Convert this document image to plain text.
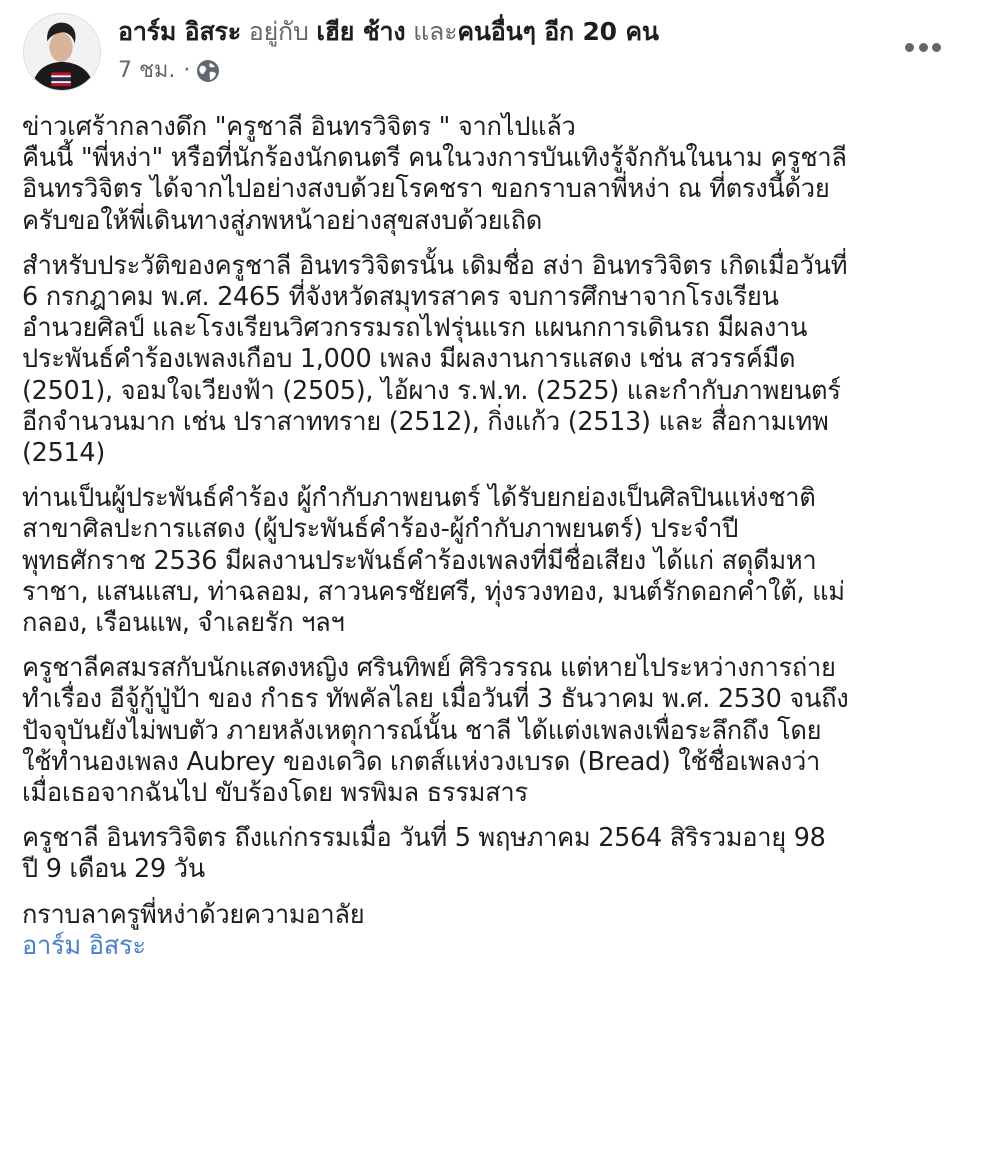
อาร์ม อิสระ อยู่กับ เฮีย ช้าง และคนอื่นๆ อีก 20 คน
7 ชม. ·
ข่าวเศร้ากลางดึก "ครูชาลี อินทรวิจิตร " จากไปแล้ว
คืนนี้ "พี่หง่า" หรือที่นักร้องนักดนตรี คนในวงการบันเทิงรู้จักกันในนาม ครูชาลี
อินทรวิจิตร ได้จากไปอย่างสงบด้วยโรคชรา ขอกราบลาพี่หง่า ณ ที่ตรงนี้ด้วย
ครับขอให้พี่เดินทางสู่ภพหน้าอย่างสุขสงบด้วยเถิด
สำหรับประวัติของครูชาลี อินทรวิจิตรนั้น เดิมชื่อ สง่า อินทรวิจิตร เกิดเมื่อวันที่
6 กรกฎาคม พ.ศ. 2465 ที่จังหวัดสมุทรสาคร จบการศึกษาจากโรงเรียน
อำนวยศิลป์ และโรงเรียนวิศวกรรมรถไฟรุ่นแรก แผนกการเดินรถ มีผลงาน
ประพันธ์คำร้องเพลงเกือบ 1,000 เพลง มีผลงานการแสดง เช่น สวรรค์มืด
(2501), จอมใจเวียงฟ้า (2505), ไอ้ผาง ร.ฟ.ท. (2525) และกำกับภาพยนตร์
อีกจำนวนมาก เช่น ปราสาททราย (2512), กิ่งแก้ว (2513) และ สื่อกามเทพ
(2514)
ท่านเป็นผู้ประพันธ์คำร้อง ผู้กำกับภาพยนตร์ ได้รับยกย่องเป็นศิลปินแห่งชาติ
สาขาศิลปะการแสดง (ผู้ประพันธ์คำร้อง-ผู้กำกับภาพยนตร์) ประจำปี
พุทธศักราช 2536 มีผลงานประพันธ์คำร้องเพลงที่มีชื่อเสียง ได้แก่ สดุดีมหา
ราชา, แสนแสบ, ท่าฉลอม, สาวนครชัยศรี, ทุ่งรวงทอง, มนต์รักดอกคำใต้, แม่
กลอง, เรือนแพ, จำเลยรัก ฯลฯ
ครูชาลีคสมรสกับนักแสดงหญิง ศรินทิพย์ ศิริวรรณ แต่หายไประหว่างการถ่าย
ทำเรื่อง อีจู้กู้ปู่ป้า ของ กำธร ทัพคัลไลย เมื่อวันที่ 3 ธันวาคม พ.ศ. 2530 จนถึง
ปัจจุบันยังไม่พบตัว ภายหลังเหตุการณ์นั้น ชาลี ได้แต่งเพลงเพื่อระลึกถึง โดย
ใช้ทำนองเพลง Aubrey ของเดวิด เกตส์แห่งวงเบรด (Bread) ใช้ชื่อเพลงว่า
เมื่อเธอจากฉันไป ขับร้องโดย พรพิมล ธรรมสาร
ครูชาลี อินทรวิจิตร ถึงแก่กรรมเมื่อ วันที่ 5 พฤษภาคม 2564 สิริรวมอายุ 98
ปี 9 เดือน 29 วัน
กราบลาครูพี่หง่าด้วยความอาลัย
อาร์ม อิสระ
